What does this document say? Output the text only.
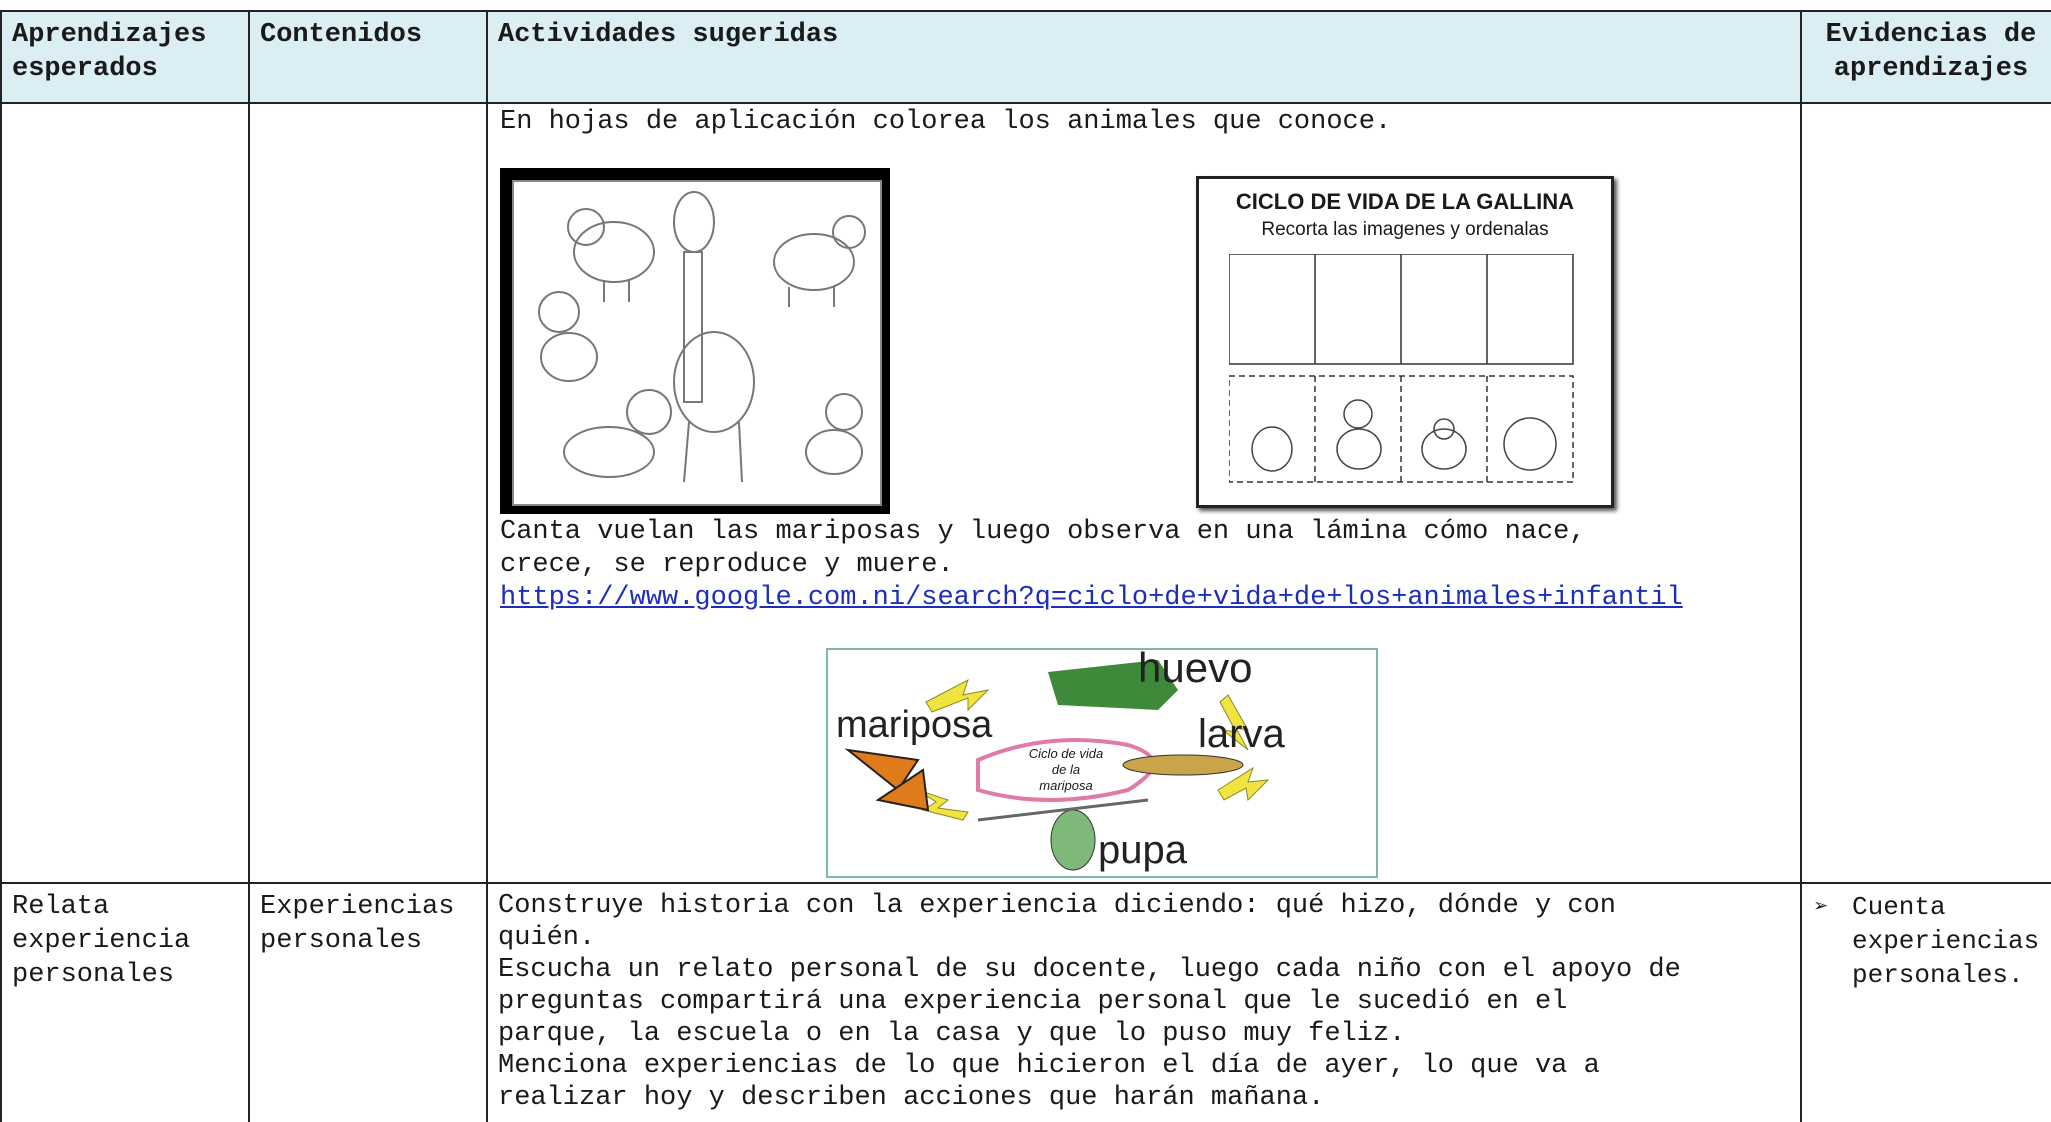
Aprendizajes
esperados
Contenidos	Actividades sugeridas	Evidencias de
aprendizajes
Relata
experiencia
personales
Experiencias
personales
Construye historia con la experiencia diciendo: qué hizo, dónde y con
quién.
Escucha un relato personal de su docente, luego cada niño con el apoyo de
preguntas compartirá una experiencia personal que le sucedió en el
parque, la escuela o en la casa y que lo puso muy feliz.
Menciona experiencias de lo que hicieron el día de ayer, lo que va a
realizar hoy y describen acciones que harán mañana.
➢ Cuenta
experiencias
personales.
En hojas de aplicación colorea los animales que conoce.
CICLO DE VIDA DE LA GALLINA
Recorta las imagenes y ordenalas
Canta vuelan las mariposas y luego observa en una lámina cómo nace,
crece, se reproduce y muere.
https://www.google.com.ni/search?q=ciclo+de+vida+de+los+animales+infantil
huevo
larva
pupa
mariposa
Ciclo de vida
de la
mariposa
